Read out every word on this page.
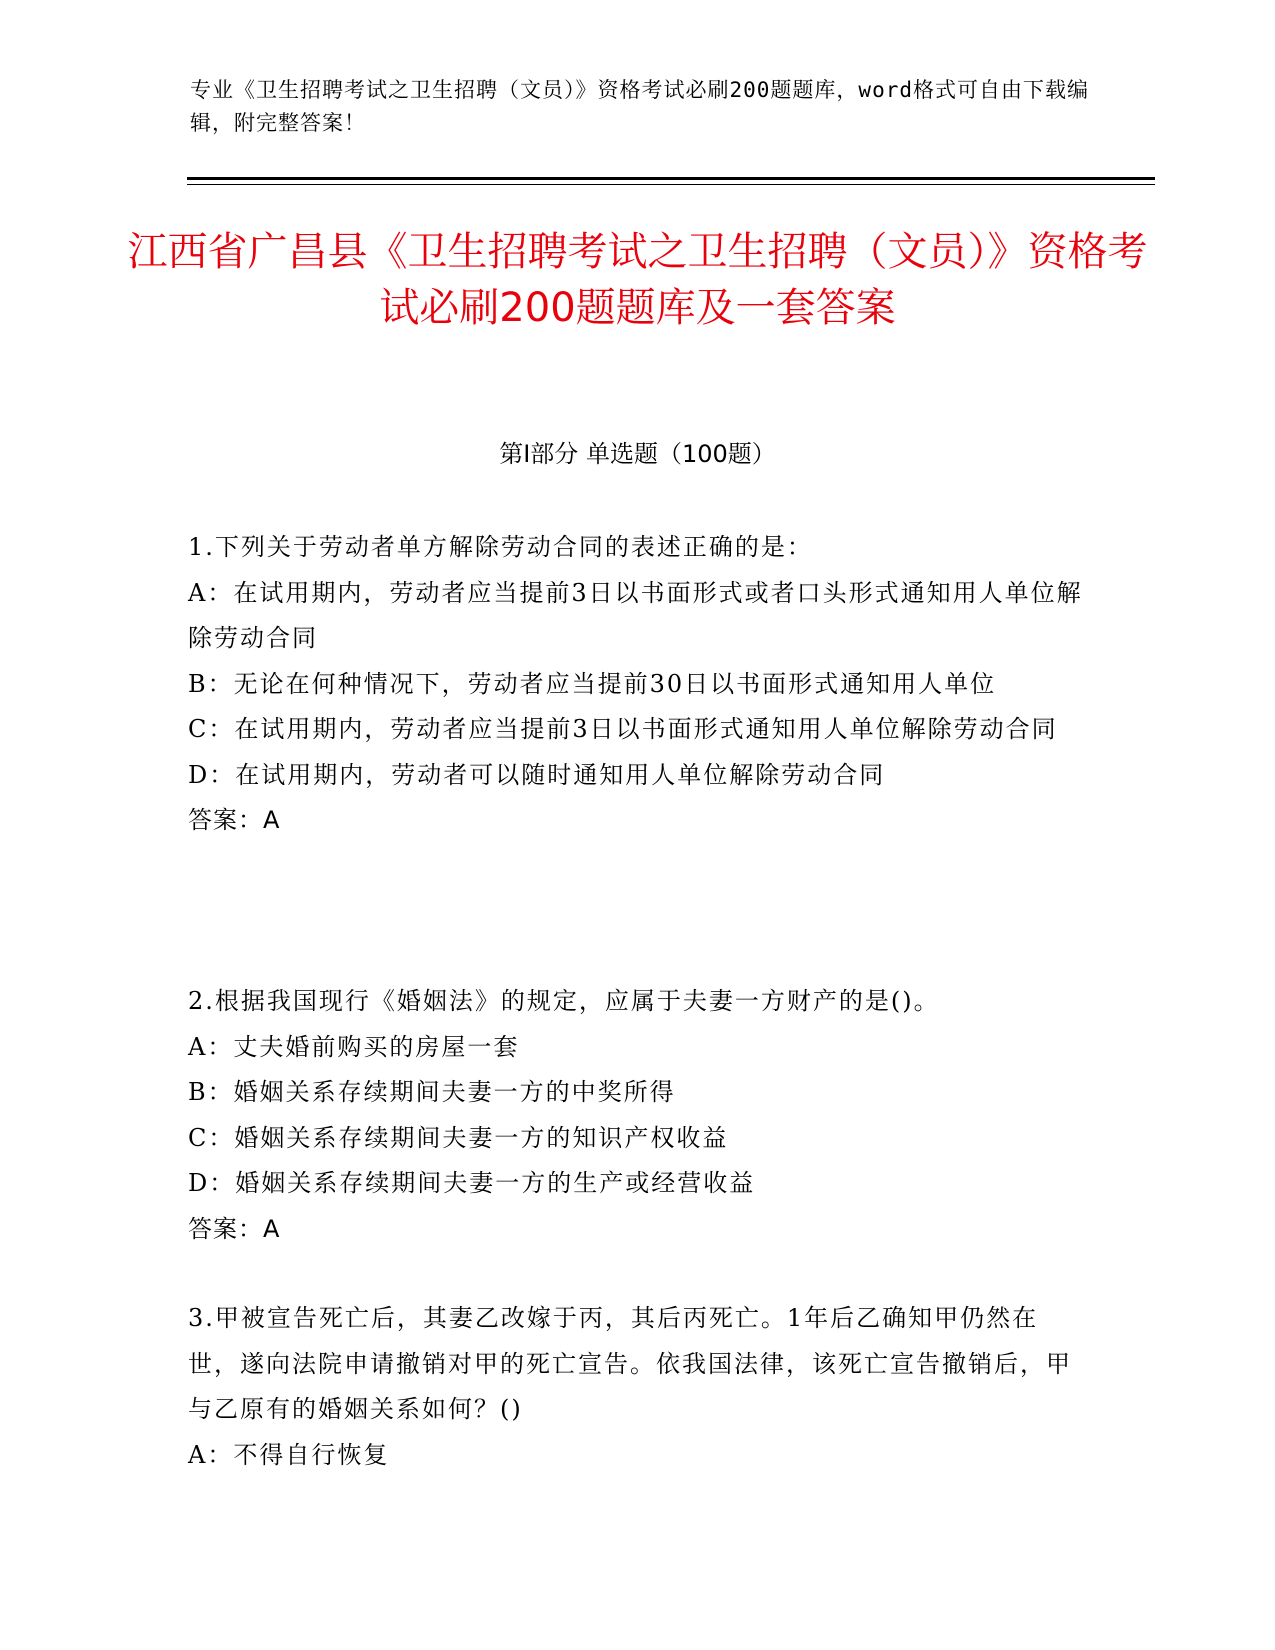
专业《卫生招聘考试之卫生招聘（文员）》资格考试必刷200题题库，word格式可自由下载编辑，附完整答案！
江西省广昌县《卫生招聘考试之卫生招聘（文员）》资格考试必刷200题题库及一套答案
第Ⅰ部分 单选题（100题）

1.下列关于劳动者单方解除劳动合同的表述正确的是：

A：在试用期内，劳动者应当提前3日以书面形式或者口头形式通知用人单位解除劳动合同

B：无论在何种情况下，劳动者应当提前30日以书面形式通知用人单位

C：在试用期内，劳动者应当提前3日以书面形式通知用人单位解除劳动合同

D：在试用期内，劳动者可以随时通知用人单位解除劳动合同

答案：A

2.根据我国现行《婚姻法》的规定，应属于夫妻一方财产的是()。

A：丈夫婚前购买的房屋一套

B：婚姻关系存续期间夫妻一方的中奖所得

C：婚姻关系存续期间夫妻一方的知识产权收益

D：婚姻关系存续期间夫妻一方的生产或经营收益

答案：A

3.甲被宣告死亡后，其妻乙改嫁于丙，其后丙死亡。1年后乙确知甲仍然在世，遂向法院申请撤销对甲的死亡宣告。依我国法律，该死亡宣告撤销后，甲与乙原有的婚姻关系如何？()

A：不得自行恢复
